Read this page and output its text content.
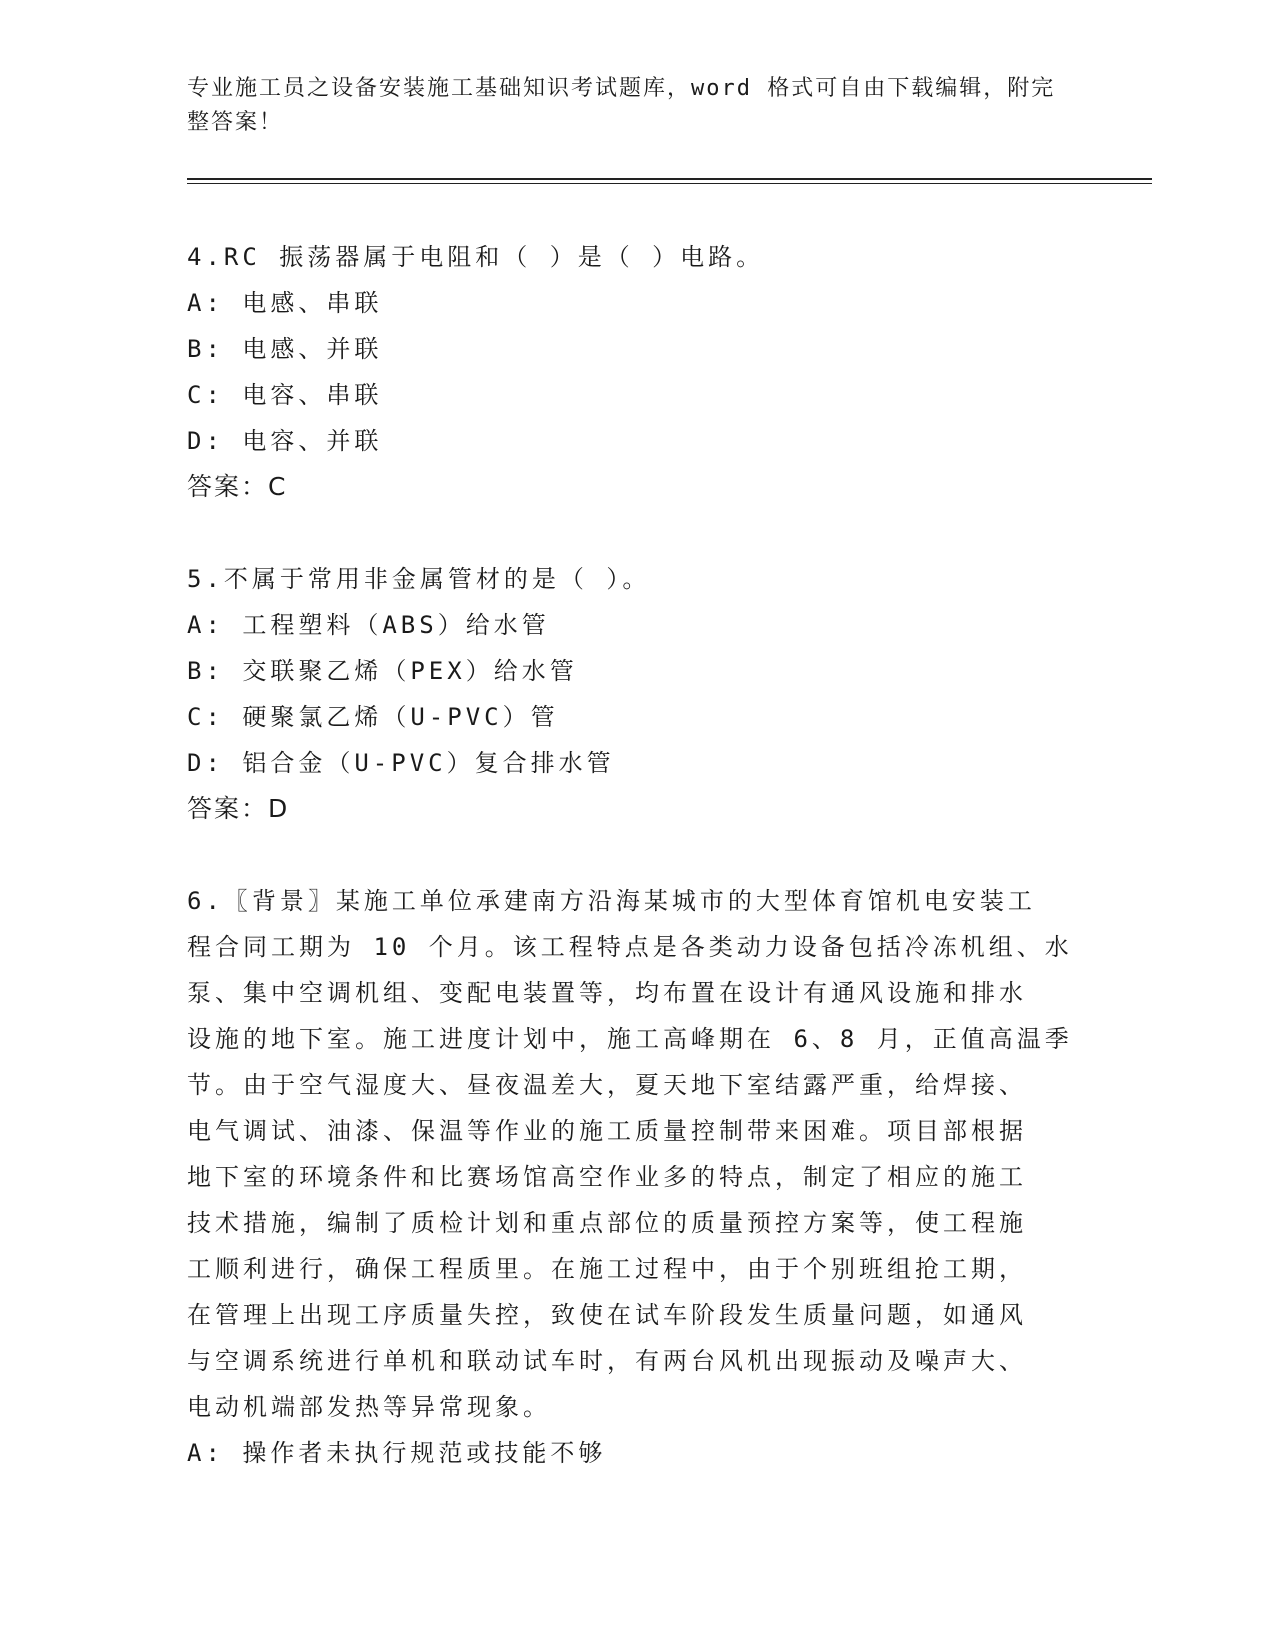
专业施工员之设备安装施工基础知识考试题库，word 格式可自由下载编辑，附完整答案！
4.RC 振荡器属于电阻和（ ）是（ ）电路。
A: 电感、串联
B: 电感、并联
C: 电容、串联
D: 电容、并联
答案：C
5.不属于常用非金属管材的是（ ）。
A: 工程塑料（ABS）给水管
B: 交联聚乙烯（PEX）给水管
C: 硬聚氯乙烯（U-PVC）管
D: 铝合金（U-PVC）复合排水管
答案：D
6.〖背景〗某施工单位承建南方沿海某城市的大型体育馆机电安装工
程合同工期为 10 个月。该工程特点是各类动力设备包括冷冻机组、水
泵、集中空调机组、变配电装置等，均布置在设计有通风设施和排水
设施的地下室。施工进度计划中，施工高峰期在 6、8 月，正值高温季
节。由于空气湿度大、昼夜温差大，夏天地下室结露严重，给焊接、
电气调试、油漆、保温等作业的施工质量控制带来困难。项目部根据
地下室的环境条件和比赛场馆高空作业多的特点，制定了相应的施工
技术措施，编制了质检计划和重点部位的质量预控方案等，使工程施
工顺利进行，确保工程质里。在施工过程中，由于个别班组抢工期，
在管理上出现工序质量失控，致使在试车阶段发生质量问题，如通风
与空调系统进行单机和联动试车时，有两台风机出现振动及噪声大、
电动机端部发热等异常现象。
A: 操作者未执行规范或技能不够
